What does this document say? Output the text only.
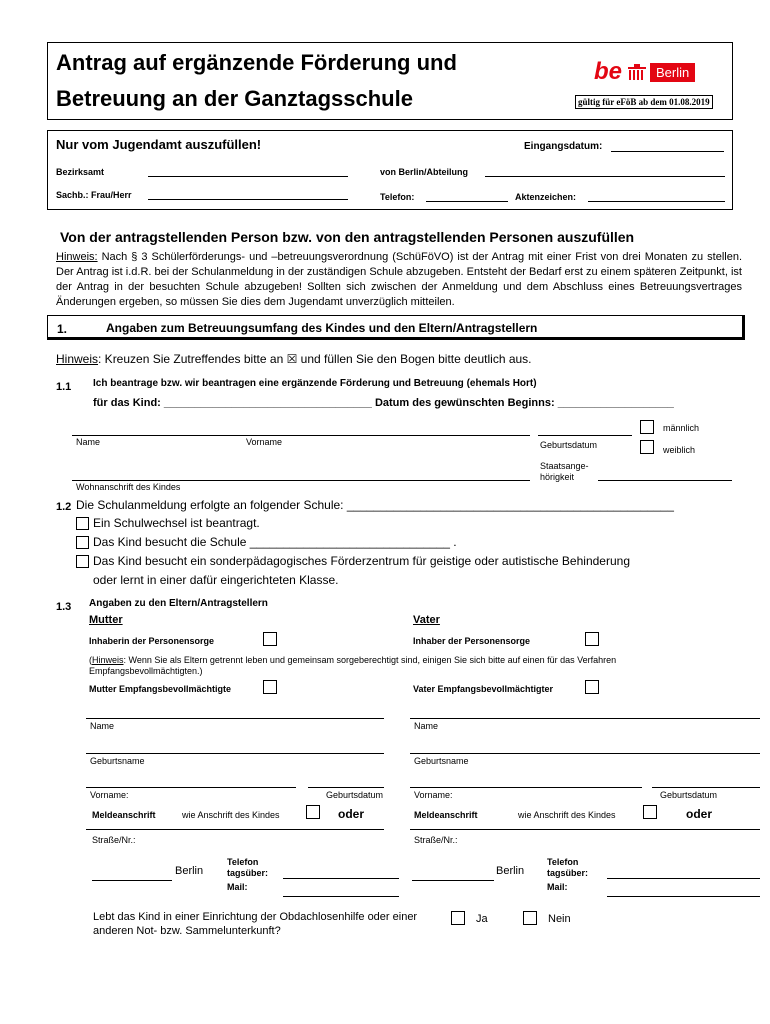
Antrag auf ergänzende Förderung und
Betreuung an der Ganztagsschule
be	Berlin
gültig für eFöB ab dem 01.08.2019
Nur vom Jugendamt auszufüllen!	Eingangsdatum:
Bezirksamt	von Berlin/Abteilung
Sachb.: Frau/Herr	Telefon:	Aktenzeichen:
Von der antragstellenden Person bzw. von den antragstellenden Personen auszufüllen
Hinweis: Nach § 3 Schülerförderungs- und –betreuungsverordnung (SchüFöVO) ist der Antrag mit einer Frist von drei Monaten zu stellen. Der Antrag ist i.d.R. bei der Schulanmeldung in der zuständigen Schule abzugeben. Entsteht der Bedarf erst zu einem späteren Zeitpunkt, ist der Antrag in der besuchten Schule abzugeben! Sollten sich zwischen der Anmeldung und dem Abschluss eines Betreuungsvertrages Änderungen ergeben, so müssen Sie dies dem Jugendamt unverzüglich mitteilen.
1.	Angaben zum Betreuungsumfang des Kindes und den Eltern/Antragstellern
Hinweis: Kreuzen Sie Zutreffendes bitte an ☒ und füllen Sie den Bogen bitte deutlich aus.
1.1 Ich beantrage bzw. wir beantragen eine ergänzende Förderung und Betreuung (ehemals Hort)
für das Kind: __________________________________ Datum des gewünschten Beginns: ___________________
Name	Vorname	Geburtsdatum
männlich
weiblich
Wohnanschrift des Kindes
Staatsange-
hörigkeit
1.2 Die Schulanmeldung erfolgte an folgender Schule: _________________________________________________
Ein Schulwechsel ist beantragt.
Das Kind besucht die Schule ______________________________ .
Das Kind besucht ein sonderpädagogisches Förderzentrum für geistige oder autistische Behinderung
oder lernt in einer dafür eingerichteten Klasse.
1.3 Angaben zu den Eltern/Antragstellern
Mutter	Vater
Inhaberin der Personensorge	Inhaber der Personensorge
(Hinweis: Wenn Sie als Eltern getrennt leben und gemeinsam sorgeberechtigt sind, einigen Sie sich bitte auf einen für das Verfahren Empfangsbevollmächtigten.)
Mutter Empfangsbevollmächtigte	Vater Empfangsbevollmächtigter
Name	Name
Geburtsname	Geburtsname
Vorname:	Geburtsdatum	Vorname:	Geburtsdatum
Meldeanschrift	wie Anschrift des Kindes	oder	Meldeanschrift	wie Anschrift des Kindes	oder
Straße/Nr.:	Straße/Nr.:
Berlin
Telefon
tagsüber:
Mail:
Berlin
Telefon
tagsüber:
Mail:
Lebt das Kind in einer Einrichtung der Obdachlosenhilfe oder einer
anderen Not- bzw. Sammelunterkunft?
Ja	Nein
